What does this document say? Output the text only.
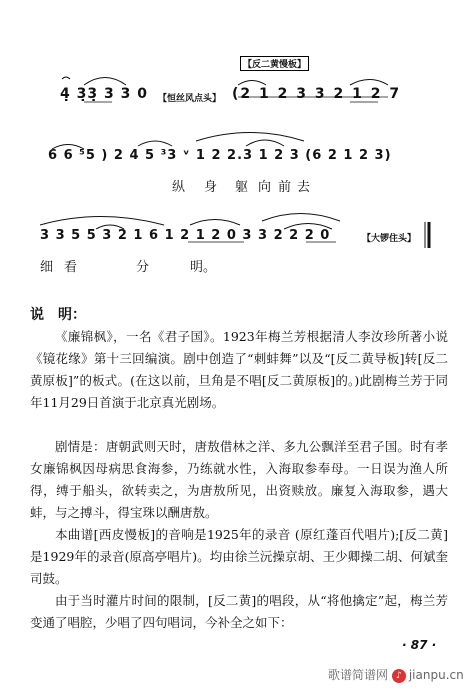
【反二黄慢板】
4̣ 3̣3̣ 3 3 0 【恒丝风点头】 (2 1 2 3 3 2 1 2 7
6 6 ⁵5 ) 2 4 5 ³3 ᵛ 1 2 2.3 1 2 3 (6 2 1 2 3)
纵 身 躯 向 前 去
3 3 5 5 3 2 1 6 1 2 1 2 0 3 3 2 2 2 0	【大锣住头】
细 看	分	明。
说　明：
《廉锦枫》，一名《君子国》。1923年梅兰芳根据清人李汝珍所著小说《镜花缘》第十三回编演。剧中创造了“刺蚌舞”以及“[反二黄导板]转[反二黄原板]”的板式。(在这以前，旦角是不唱[反二黄原板]的。)此剧梅兰芳于同年11月29日首演于北京真光剧场。
剧情是：唐朝武则天时，唐敖借林之洋、多九公飘洋至君子国。时有孝女廉锦枫因母病思食海参，乃练就水性，入海取参奉母。一日误为渔人所得，缚于船头，欲转卖之，为唐敖所见，出资赎放。廉复入海取参，遇大蚌，与之搏斗，得宝珠以酬唐敖。
本曲谱[西皮慢板]的音响是1925年的录音 (原红蓬百代唱片);[反二黄]是1929年的录音(原高亭唱片)。均由徐兰沅操京胡、王少卿操二胡、何斌奎司鼓。
由于当时灌片时间的限制，[反二黄]的唱段，从“将他擒定”起，梅兰芳变通了唱腔，少唱了四句唱词，今补全之如下：
· 87 ·
歌谱简谱网 ♪ jianpu.cn
